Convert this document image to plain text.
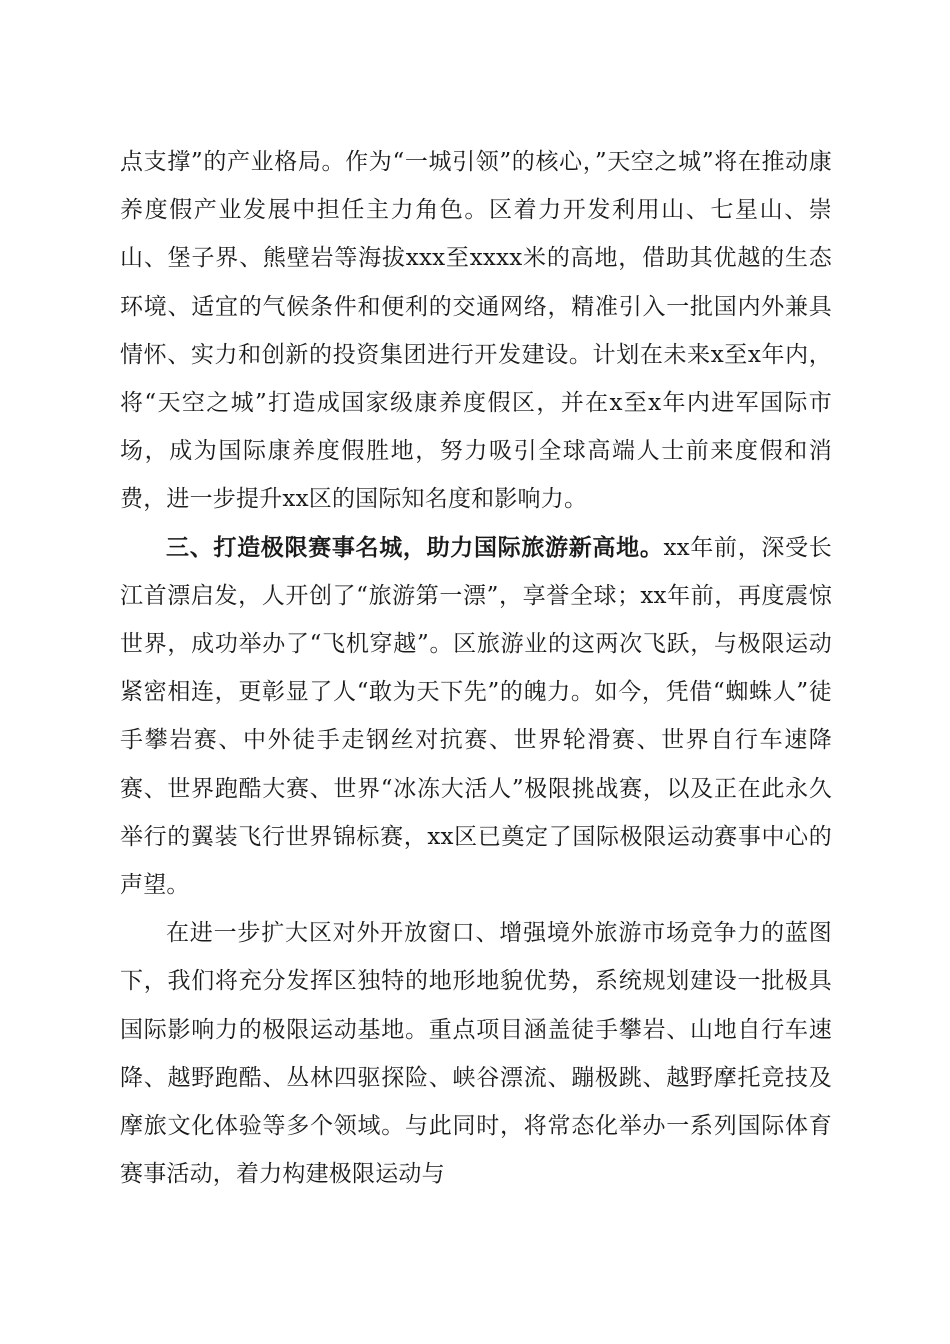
点支撑”的产业格局。作为“一城引领”的核心，”天空之城”将在推动康养度假产业发展中担任主力角色。区着力开发利用山、七星山、崇山、堡子界、熊壁岩等海拔xxx至xxxx米的高地，借助其优越的生态环境、适宜的气候条件和便利的交通网络，精准引入一批国内外兼具情怀、实力和创新的投资集团进行开发建设。计划在未来x至x年内，将“天空之城”打造成国家级康养度假区，并在x至x年内进军国际市场，成为国际康养度假胜地，努力吸引全球高端人士前来度假和消费，进一步提升xx区的国际知名度和影响力。

三、打造极限赛事名城，助力国际旅游新高地。xx年前，深受长江首漂启发，人开创了“旅游第一漂”，享誉全球；xx年前，再度震惊世界，成功举办了“飞机穿越”。区旅游业的这两次飞跃，与极限运动紧密相连，更彰显了人“敢为天下先”的魄力。如今，凭借“蜘蛛人”徒手攀岩赛、中外徒手走钢丝对抗赛、世界轮滑赛、世界自行车速降赛、世界跑酷大赛、世界“冰冻大活人”极限挑战赛，以及正在此永久举行的翼装飞行世界锦标赛，xx区已奠定了国际极限运动赛事中心的声望。

在进一步扩大区对外开放窗口、增强境外旅游市场竞争力的蓝图下，我们将充分发挥区独特的地形地貌优势，系统规划建设一批极具国际影响力的极限运动基地。重点项目涵盖徒手攀岩、山地自行车速降、越野跑酷、丛林四驱探险、峡谷漂流、蹦极跳、越野摩托竞技及摩旅文化体验等多个领域。与此同时，将常态化举办一系列国际体育赛事活动，着力构建极限运动与
